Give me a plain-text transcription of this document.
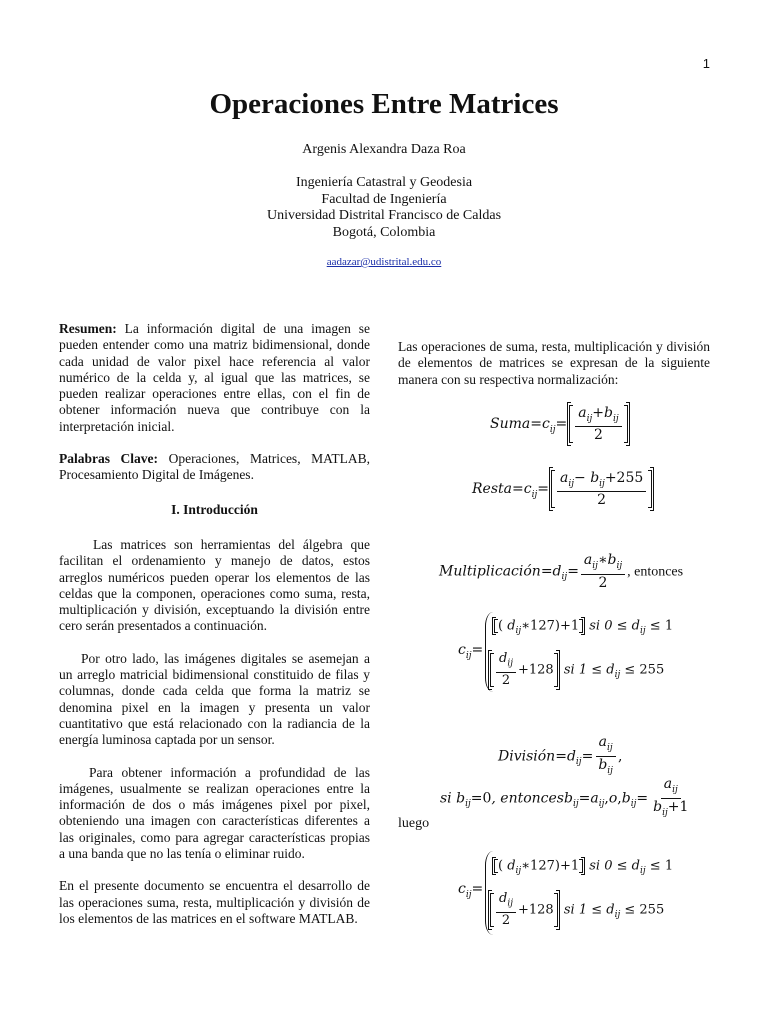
1
Operaciones Entre Matrices
Argenis Alexandra Daza Roa
Ingeniería Catastral y Geodesia
Facultad de Ingeniería
Universidad Distrital Francisco de Caldas
Bogotá, Colombia
aadazar@udistrital.edu.co

Resumen: La información digital de una imagen se pueden entender como una matriz bidimensional, donde cada unidad de valor pixel hace referencia al valor numérico de la celda y, al igual que las matrices, se pueden realizar operaciones entre ellas, con el fin de obtener información nueva que contribuye con la interpretación inicial.

Palabras Clave: Operaciones, Matrices, MATLAB, Procesamiento Digital de Imágenes.

I. Introducción

Las matrices son herramientas del álgebra que facilitan el ordenamiento y manejo de datos, estos arreglos numéricos pueden operar los elementos de las celdas que la componen, operaciones como suma, resta, multiplicación y división, exceptuando la división entre cero serán presentados a continuación.

Por otro lado, las imágenes digitales se asemejan a un arreglo matricial bidimensional constituido de filas y columnas, donde cada celda que forma la matriz se denomina pixel en la imagen y presenta un valor cuantitativo que está relacionado con la radiancia de la energía luminosa captada por un sensor.

Para obtener información a profundidad de las imágenes, usualmente se realizan operaciones entre la información de dos o más imágenes pixel por pixel, obteniendo una imagen con características diferentes a las originales, como para agregar características propias a una banda que no las tenía o eliminar ruido.

En el presente documento se encuentra el desarrollo de las operaciones suma, resta, multiplicación y división de los elementos de las matrices en el software MATLAB.

Las operaciones de suma, resta, multiplicación y división de elementos de matrices se expresan de la siguiente manera con su respectiva normalización:

$Suma=c_{ij}= \frac{a_{ij}+b_{ij}}{2}$
$Resta=c_{ij}= \frac{a_{ij}- b_{ij}+255}{2}$
$Multiplicación=d_{ij}= \frac{a_{ij}∗b_{ij}}{2}$ , entonces
$c_{ij}=$
( $d_{ij}∗127)+1$ si $0 \le d_{ij} \le 1$
$\frac{d_{ij}}{2} +128$ si $1 \le d_{ij} \le 255$
$División=d_{ij}= \frac{a_{ij}}{b_{ij}}$ ,
si $b_{ij}=0$, $entoncesb_{ij}=a_{ij},o,b_{ij}= \frac{a_{ij}}{b_{ij}+1}$
luego
$c_{ij}=$
( $d_{ij}∗127)+1$ si $0 \le d_{ij} \le 1$
$\frac{d_{ij}}{2} +128$ si $1 \le d_{ij} \le 255$
